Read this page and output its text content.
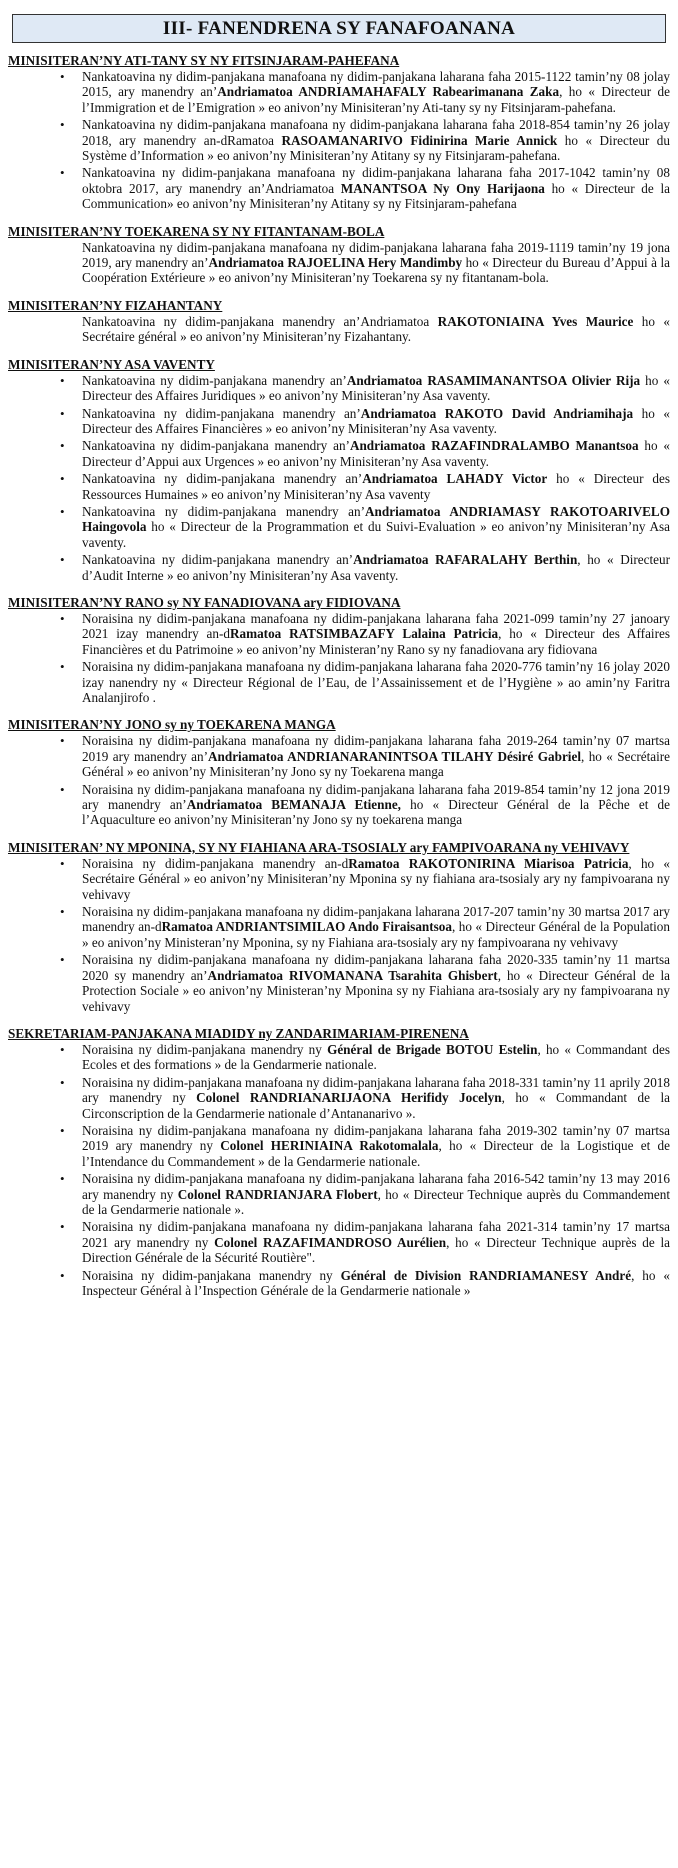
III- FANENDRENA SY FANAFOANANA
MINISITERAN’NY ATI-TANY SY NY FITSINJARAM-PAHEFANA
• Nankatoavina ny didim-panjakana manafoana ny didim-panjakana laharana faha 2015-1122 tamin’ny 08 jolay 2015, ary manendry an’Andriamatoa ANDRIAMAHAFALY Rabearimanana Zaka, ho « Directeur de l’Immigration et de l’Emigration » eo anivon’ny Minisiteran’ny Ati-tany sy ny Fitsinjaram-pahefana.
• Nankatoavina ny didim-panjakana manafoana ny didim-panjakana laharana faha 2018-854 tamin’ny 26 jolay 2018, ary manendry an-dRamatoa RASOAMANARIVO Fidinirina Marie Annick ho « Directeur du Système d’Information » eo anivon’ny Minisiteran’ny Atitany sy ny Fitsinjaram-pahefana.
• Nankatoavina ny didim-panjakana manafoana ny didim-panjakana laharana faha 2017-1042 tamin’ny 08 oktobra 2017, ary manendry an’Andriamatoa MANANTSOA Ny Ony Harijaona ho « Directeur de la Communication» eo anivon’ny Minisiteran’ny Atitany sy ny Fitsinjaram-pahefana
MINISITERAN’NY TOEKARENA SY NY FITANTANAM-BOLA
Nankatoavina ny didim-panjakana manafoana ny didim-panjakana laharana faha 2019-1119 tamin’ny 19 jona 2019, ary manendry an’Andriamatoa RAJOELINA Hery Mandimby ho « Directeur du Bureau d’Appui à la Coopération Extérieure » eo anivon’ny Minisiteran’ny Toekarena sy ny fitantanam-bola.
MINISITERAN’NY FIZAHANTANY
Nankatoavina ny didim-panjakana manendry an’Andriamatoa RAKOTONIAINA Yves Maurice ho « Secrétaire général » eo anivon’ny Minisiteran’ny Fizahantany.
MINISITERAN’NY ASA VAVENTY
• Nankatoavina ny didim-panjakana manendry an’Andriamatoa RASAMIMANANTSOA Olivier Rija ho « Directeur des Affaires Juridiques » eo anivon’ny Minisiteran’ny Asa vaventy.
• Nankatoavina ny didim-panjakana manendry an’Andriamatoa RAKOTO David Andriamihaja ho « Directeur des Affaires Financières » eo anivon’ny Minisiteran’ny Asa vaventy.
• Nankatoavina ny didim-panjakana manendry an’Andriamatoa RAZAFINDRALAMBO Manantsoa ho « Directeur d’Appui aux Urgences » eo anivon’ny Minisiteran’ny Asa vaventy.
• Nankatoavina ny didim-panjakana manendry an’Andriamatoa LAHADY Victor ho « Directeur des Ressources Humaines » eo anivon’ny Minisiteran’ny Asa vaventy
• Nankatoavina ny didim-panjakana manendry an’Andriamatoa ANDRIAMASY RAKOTOARIVELO Haingovola ho « Directeur de la Programmation et du Suivi-Evaluation » eo anivon’ny Minisiteran’ny Asa vaventy.
• Nankatoavina ny didim-panjakana manendry an’Andriamatoa RAFARALAHY Berthin, ho « Directeur d’Audit Interne » eo anivon’ny Minisiteran’ny Asa vaventy.
MINISITERAN’NY RANO sy NY FANADIOVANA ary FIDIOVANA
• Noraisina ny didim-panjakana manafoana ny didim-panjakana laharana faha 2021-099 tamin’ny 27 janoary 2021 izay manendry an-dRamatoa RATSIMBAZAFY Lalaina Patricia, ho « Directeur des Affaires Financières et du Patrimoine » eo anivon’ny Ministeran’ny Rano sy ny fanadiovana ary fidiovana
• Noraisina ny didim-panjakana manafoana ny didim-panjakana laharana faha 2020-776 tamin’ny 16 jolay 2020 izay nanendry ny « Directeur Régional de l’Eau, de l’Assainissement et de l’Hygiène » ao amin’ny Faritra Analanjirofo .
MINISITERAN’NY JONO sy ny TOEKARENA MANGA
• Noraisina ny didim-panjakana manafoana ny didim-panjakana laharana faha 2019-264 tamin’ny 07 martsa 2019 ary manendry an’Andriamatoa ANDRIANARANINTSOA TILAHY Désiré Gabriel, ho « Secrétaire Général » eo anivon’ny Minisiteran’ny Jono sy ny Toekarena manga
• Noraisina ny didim-panjakana manafoana ny didim-panjakana laharana faha 2019-854 tamin’ny 12 jona 2019 ary manendry an’Andriamatoa BEMANAJA Etienne, ho « Directeur Général de la Pêche et de l’Aquaculture eo anivon’ny Minisiteran’ny Jono sy ny toekarena manga
MINISITERAN’ NY MPONINA, SY NY FIAHIANA ARA-TSOSIALY ary FAMPIVOARANA ny VEHIVAVY
• Noraisina ny didim-panjakana manendry an-dRamatoa RAKOTONIRINA Miarisoa Patricia, ho « Secrétaire Général » eo anivon’ny Minisiteran’ny Mponina sy ny fiahiana ara-tsosialy ary ny fampivoarana ny vehivavy
• Noraisina ny didim-panjakana manafoana ny didim-panjakana laharana 2017-207 tamin’ny 30 martsa 2017 ary manendry an-dRamatoa ANDRIANTSIMILAO Ando Firaisantsoa, ho « Directeur Général de la Population » eo anivon’ny Ministeran’ny Mponina, sy ny Fiahiana ara-tsosialy ary ny fampivoarana ny vehivavy
• Noraisina ny didim-panjakana manafoana ny didim-panjakana laharana faha 2020-335 tamin’ny 11 martsa 2020 sy manendry an’Andriamatoa RIVOMANANA Tsarahita Ghisbert, ho « Directeur Général de la Protection Sociale » eo anivon’ny Ministeran’ny Mponina sy ny Fiahiana ara-tsosialy ary ny fampivoarana ny vehivavy
SEKRETARIAM-PANJAKANA MIADIDY ny ZANDARIMARIAM-PIRENENA
• Noraisina ny didim-panjakana manendry ny Général de Brigade BOTOU Estelin, ho « Commandant des Ecoles et des formations » de la Gendarmerie nationale.
• Noraisina ny didim-panjakana manafoana ny didim-panjakana laharana faha 2018-331 tamin’ny 11 aprily 2018 ary manendry ny Colonel RANDRIANARIJAONA Herifidy Jocelyn, ho « Commandant de la Circonscription de la Gendarmerie nationale d’Antananarivo ».
• Noraisina ny didim-panjakana manafoana ny didim-panjakana laharana faha 2019-302 tamin’ny 07 martsa 2019 ary manendry ny Colonel HERINIAINA Rakotomalala, ho « Directeur de la Logistique et de l’Intendance du Commandement » de la Gendarmerie nationale.
• Noraisina ny didim-panjakana manafoana ny didim-panjakana laharana faha 2016-542 tamin’ny 13 may 2016 ary manendry ny Colonel RANDRIANJARA Flobert, ho « Directeur Technique auprès du Commandement de la Gendarmerie nationale ».
• Noraisina ny didim-panjakana manafoana ny didim-panjakana laharana faha 2021-314 tamin’ny 17 martsa 2021 ary manendry ny Colonel RAZAFIMANDROSO Aurélien, ho « Directeur Technique auprès de la Direction Générale de la Sécurité Routière".
• Noraisina ny didim-panjakana manendry ny Général de Division RANDRIAMANESY André, ho « Inspecteur Général à l’Inspection Générale de la Gendarmerie nationale »
